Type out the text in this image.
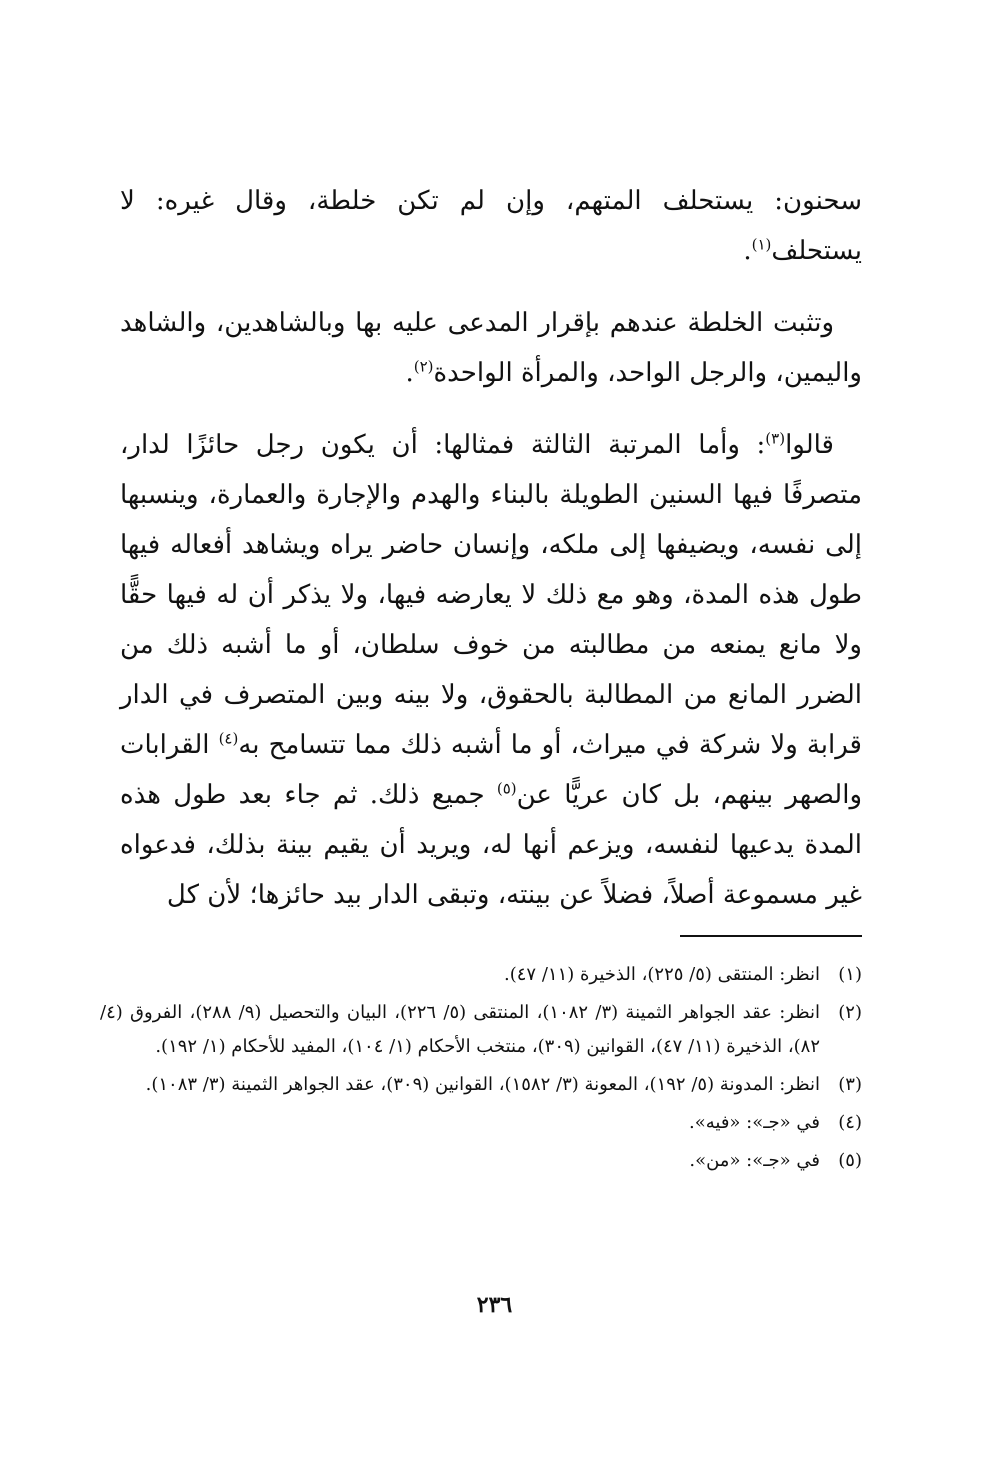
سحنون: يستحلف المتهم، وإن لم تكن خلطة، وقال غيره: لا يستحلف$^{(١)}$.

وتثبت الخلطة عندهم بإقرار المدعى عليه بها وبالشاهدين، والشاهد واليمين، والرجل الواحد، والمرأة الواحدة$^{(٢)}$.

قالوا$^{(٣)}$: وأما المرتبة الثالثة فمثالها: أن يكون رجل حائزًا لدار، متصرفًا فيها السنين الطويلة بالبناء والهدم والإجارة والعمارة، وينسبها إلى نفسه، ويضيفها إلى ملكه، وإنسان حاضر يراه ويشاهد أفعاله فيها طول هذه المدة، وهو مع ذلك لا يعارضه فيها، ولا يذكر أن له فيها حقًّا ولا مانع يمنعه من مطالبته من خوف سلطان، أو ما أشبه ذلك من الضرر المانع من المطالبة بالحقوق، ولا بينه وبين المتصرف في الدار قرابة ولا شركة في ميراث، أو ما أشبه ذلك مما تتسامح به$^{(٤)}$ القرابات والصهر بينهم، بل كان عريًّا عن$^{(٥)}$ جميع ذلك. ثم جاء بعد طول هذه المدة يدعيها لنفسه، ويزعم أنها له، ويريد أن يقيم بينة بذلك، فدعواه غير مسموعة أصلاً، فضلاً عن بينته، وتبقى الدار بيد حائزها؛ لأن كل

(١)
انظر: المنتقى (٥/ ٢٢٥)، الذخيرة (١١/ ٤٧).
(٢)
انظر: عقد الجواهر الثمينة (٣/ ١٠٨٢)، المنتقى (٥/ ٢٢٦)، البيان والتحصيل (٩/ ٢٨٨)، الفروق (٤/ ٨٢)، الذخيرة (١١/ ٤٧)، القوانين (٣٠٩)، منتخب الأحكام (١/ ١٠٤)، المفيد للأحكام (١/ ١٩٢).
(٣)
انظر: المدونة (٥/ ١٩٢)، المعونة (٣/ ١٥٨٢)، القوانين (٣٠٩)، عقد الجواهر الثمينة (٣/ ١٠٨٣).
(٤)
في «جـ»: «فيه».
(٥)
في «جـ»: «من».
٢٣٦
